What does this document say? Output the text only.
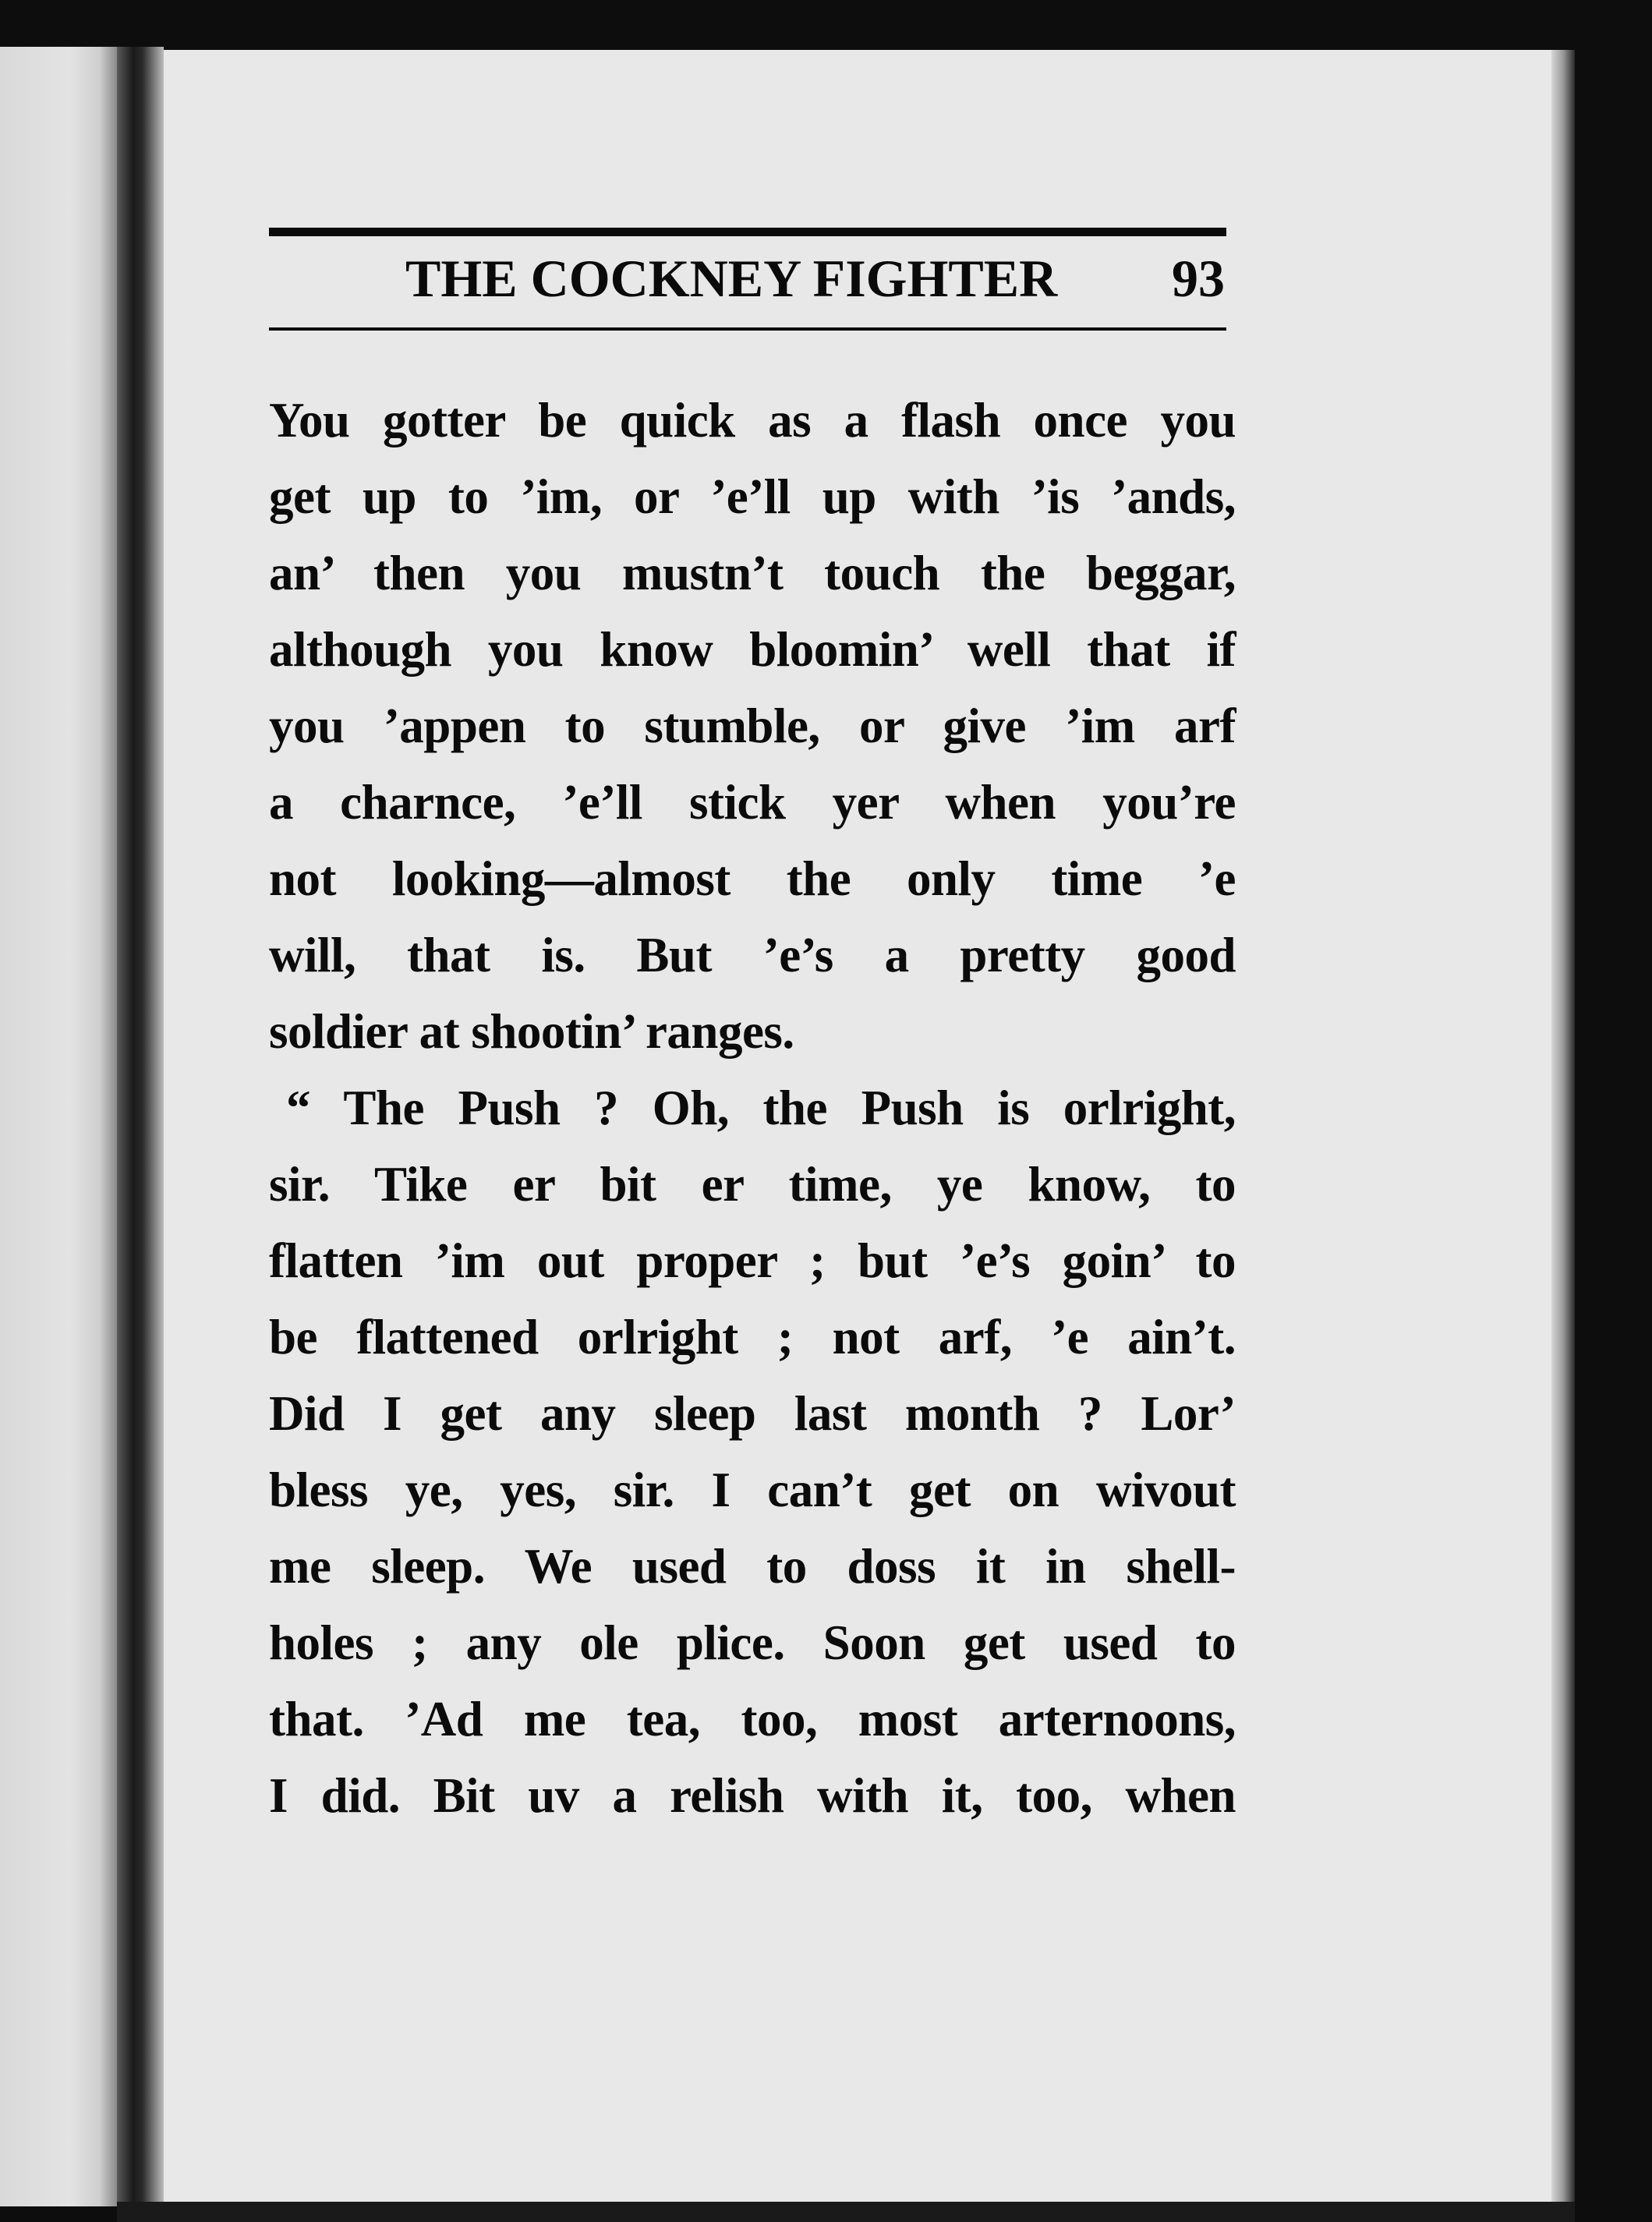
THE COCKNEY FIGHTER 93
You gotter be quick as a flash once you
get up to ’im, or ’e’ll up with ’is ’ands,
an’ then you mustn’t touch the beggar,
although you know bloomin’ well that if
you ’appen to stumble, or give ’im arf
a charnce, ’e’ll stick yer when you’re
not looking—almost the only time ’e
will, that is. But ’e’s a pretty good
soldier at shootin’ ranges.
“ The Push ? Oh, the Push is orlright,
sir. Tike er bit er time, ye know, to
flatten ’im out proper ; but ’e’s goin’ to
be flattened orlright ; not arf, ’e ain’t.
Did I get any sleep last month ? Lor’
bless ye, yes, sir. I can’t get on wivout
me sleep. We used to doss it in shell-
holes ; any ole plice. Soon get used to
that. ’Ad me tea, too, most arternoons,
I did. Bit uv a relish with it, too, when
